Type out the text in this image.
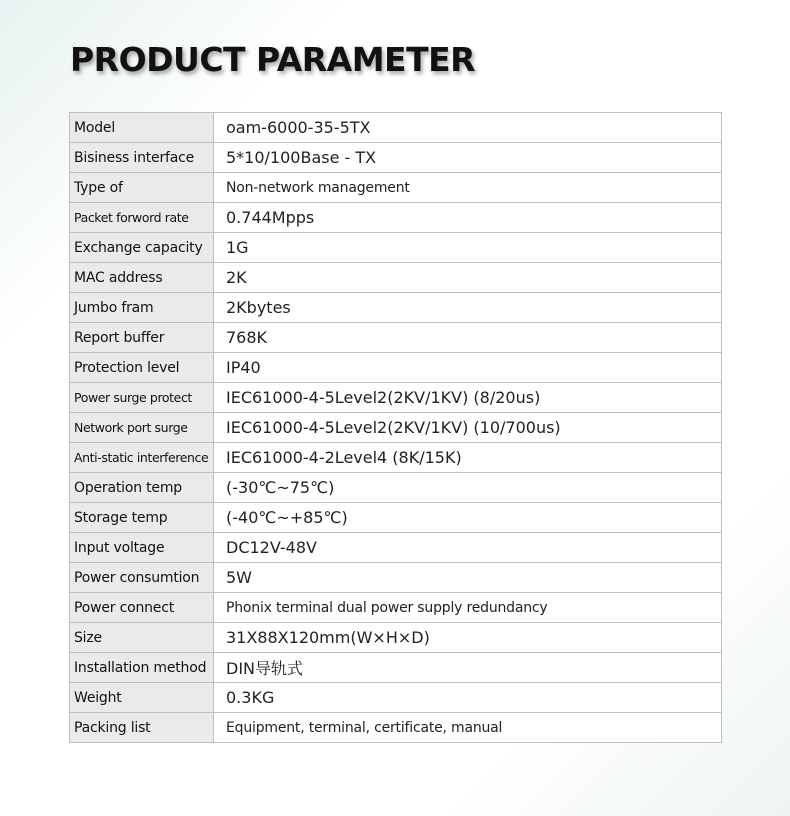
PRODUCT PARAMETER
Model	oam-6000-35-5TX
Bisiness interface	5*10/100Base - TX
Type of	Non-network management
Packet forword rate	0.744Mpps
Exchange capacity	1G
MAC address	2K
Jumbo fram	2Kbytes
Report buffer	768K
Protection level	IP40
Power surge protect	IEC61000-4-5Level2(2KV/1KV) (8/20us)
Network port surge	IEC61000-4-5Level2(2KV/1KV) (10/700us)
Anti-static interference	IEC61000-4-2Level4 (8K/15K)
Operation temp	(-30℃~75℃)
Storage temp	(-40℃~+85℃)
Input voltage	DC12V-48V
Power consumtion	5W
Power connect	Phonix terminal dual power supply redundancy
Size	31X88X120mm(W×H×D)
Installation method	DIN导轨式
Weight	0.3KG
Packing list	Equipment, terminal, certificate, manual
